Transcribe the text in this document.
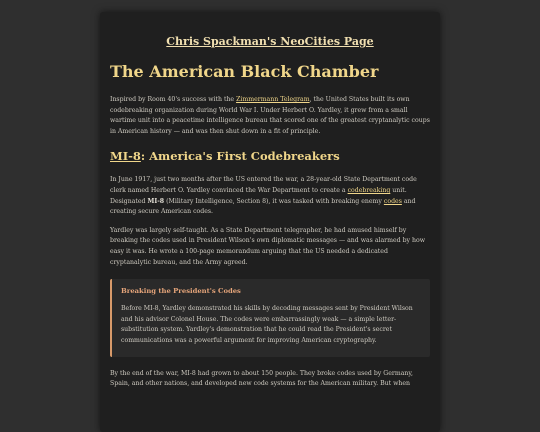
Chris Spackman's NeoCities Page
The American Black Chamber

Inspired by Room 40's success with the Zimmermann Telegram, the United States built its own codebreaking organization during World War I. Under Herbert O. Yardley, it grew from a small wartime unit into a peacetime intelligence bureau that scored one of the greatest cryptanalytic coups in American history — and was then shut down in a fit of principle.

MI-8: America's First Codebreakers

In June 1917, just two months after the US entered the war, a 28-year-old State Department code clerk named Herbert O. Yardley convinced the War Department to create a codebreaking unit. Designated MI-8 (Military Intelligence, Section 8), it was tasked with breaking enemy codes and creating secure American codes.

Yardley was largely self-taught. As a State Department telegrapher, he had amused himself by breaking the codes used in President Wilson's own diplomatic messages — and was alarmed by how easy it was. He wrote a 100-page memorandum arguing that the US needed a dedicated cryptanalytic bureau, and the Army agreed.

Breaking the President's Codes

Before MI-8, Yardley demonstrated his skills by decoding messages sent by President Wilson and his advisor Colonel House. The codes were embarrassingly weak — a simple letter-substitution system. Yardley's demonstration that he could read the President's secret communications was a powerful argument for improving American cryptography.

By the end of the war, MI-8 had grown to about 150 people. They broke codes used by Germany, Spain, and other nations, and developed new code systems for the American military. But when
